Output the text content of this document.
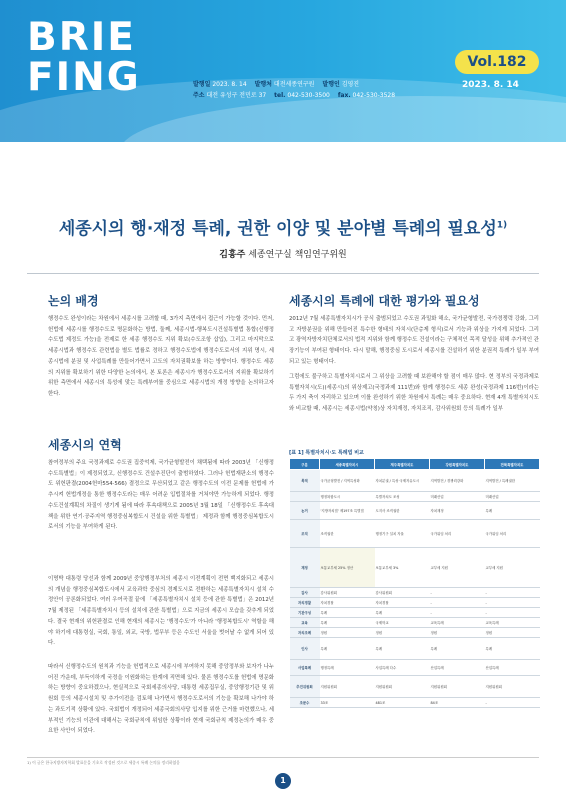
BRIE FING	발행일 2023. 8. 14 발행처 대전세종연구원 발행인 김영진
주소 대전 유성구 전민로 37 tel. 042-530-3500 fax. 042-530-3528
Vol.182
2023. 8. 14
세종시의 행·재정 특례, 권한 이양 및 분야별 특례의 필요성$^{1)}$
김흥주 세종연구실 책임연구위원
논의 배경
행정수도 완성이라는 차원에서 세종시를 고려할 때, 3가지 측면에서 접근이 가능할 것이다. 먼저, 헌법에 세종시를 행정수도로 명문화하는 방법, 둘째, 세종시법-행복도시건설특별법 통합(신행정수도법 제정도 가능)을 전제로 한 세종 행정수도 지위 확보(수도조항 삽입), 그리고 마지막으로 세종시법과 행정수도 관련법을 별도 법률로 정하고 행정수도법에 행정수도로서의 지위 명시, 세종시법에 분권 및 사업특례를 만들어가면서 고도의 자치권확보를 하는 방향이다. 행정수도 세종의 지위를 확보하기 위한 다양한 논의에서, 본 토론은 세종시가 행정수도로서의 지위를 확보하기 위한 측면에서 세종시의 특성에 맞는 특례부여를 중심으로 세종시법의 개정 방향을 논의하고자 한다.
세종시의 연혁
참여정부의 주요 국정과제로 수도권 집중억제, 국가균형발전이 채택됨에 따라 2003년 「신행정수도특별법」이 제정되었고, 신행정수도 건설추진단이 출범하였다. 그러나 헌법재판소의 행정수도 위헌판결(2004헌마554·566) 결정으로 무산되었고 같은 행정수도의 이전 문제를 헌법에 가추시켜 헌법개정을 통한 행정수도라는 매우 어려운 입법절차를 거쳐야만 가능하게 되었다. 행정수도건설계획의 차질이 생기게 됨에 따라 후속대책으로 2005년 3월 18일 「신행정수도 후속대책을 위한 연기·공주지역 행정중심복합도시 건설을 위한 특별법」 제정과 함께 행정중심복합도시로서의 기능을 부여하게 된다.
이명박 대통령 당선과 함께 2009년 중앙행정부처의 세종시 이전계획이 전면 백지화되고 세종시의 개념을 행정중심복합도시에서 교육과학 중심의 경제도시로 전환하는 세종특별자치시 설치 수정안이 공론화되었다. 여러 우여곡절 끝에 「세종특별자치시 설치 등에 관한 특별법」은 2012년 7월 제정된 「세종특별자치시 등의 설치에 관한 특별법」으로 지금의 세종시 모습을 갖추게 되었다. 결국 현재의 위헌판결로 인해 현재의 세종시는 '행정수도'가 아니라 '행정복합도시' 역할을 해야 하기에 대통령실, 국회, 통일, 외교, 국방, 법무부 등은 수도인 서울을 벗어날 수 없게 되어 있다.
따라서 신행정수도의 원칙과 기능을 헌법적으로 세종시에 부여하지 못해 중앙정부와 보자가 나누어진 가운데, 부득이하게 국정을 이원화하는 한계에 직면해 있다. 물론 행정수도를 헌법에 명문화하는 방향이 중요하겠으나, 현실적으로 국회세종의사당, 대통령 세종집무실, 중앙행정기관 및 위원회 등의 세종시설치 및 추가이전을 검토해 나가면서 행정수도로서의 기능을 확보해 나가야 하는 과도기적 상황에 있다. 국회법이 개정되어 세종국회의사당 입지를 위한 근거를 마련했으나, 세부적인 기능의 이관에 대해서는 국회규칙에 위임한 상황이라 현재 국회규칙 제정논의가 매우 중요한 사안이 되었다.
세종시의 특례에 대한 평가와 필요성
2012년 7월 세종특별자치시가 공식 출범되었고 수도권 과밀화 해소, 국가균형발전, 국가경쟁력 강화, 그리고 자방분권을 위해 만들어진 특수한 형태의 자치시(단층제 형식)로서 기능과 위상을 가지게 되었다. 그리고 광역자방자치단체로서의 법적 지위와 함께 행정수도 건설이라는 구체적인 목적 달성을 위해 추가적인 관장기능이 부여된 형태이다. 다시 말해, 행정중심 도시로서 세종시를 건설하기 위한 분권적 특례가 일부 부여되고 있는 형태이다.
그럼에도 불구하고 특별자치시로서 그 위상을 고려할 때 보완해야 할 점이 매우 많다. 현 정부의 국정과제로 특별자치시(도)(세종시)의 위상제고(국정과제 111번)와 함께 행정수도 세종 완성(국정과제 116번)이라는 두 가지 축이 자리하고 있으며 이를 완성하기 위한 차원에서 특례는 매우 중요하다. 현재 4개 특별자치시도와 비교할 때, 세종시는 세종시법(약칭)상 자치재정, 자치조직, 감사위원회 등의 특례가 일부
[표 1] 특별자치시·도 특례법 비교
구분	세종특별자치시	제주특별자치도	강원특별자치도	전북특별자치도
목적	국가균형발전 / 지역특성화	자치분권 / 특성·국제자유도시	지역발전 / 경쟁력강화	지역발전 / 특례권한
	행정복합도시	특별자치도 조성	미래산업	미래산업
논거	'지방자치법' 제197조 특별법	도지사 조직권한	자치재정	특례
조직	조직권한	행정기구 설치 자율	국가위임 처리	국가위임 처리
재정	보통교부세 25% 정산	보통교부세 3%	교부세 지원	교부세 지원
감사	감사위원회	감사위원회	-	-
자치경찰	자치경찰	자치경찰	-	-
기관구성	특례	특례	-	-
교육	특례	국제학교	교육특례	교육특례
자치조례	정원	정원	정원	정원
인사	특례	특례	특례	특례
사업특례	행정특례	사업특례 다수	산업특례	산업특례
추진위원회	지원위원회	지원위원회	지원위원회	지원위원회
조문수	33조	481조	84조	-
1) 이 글은 한국지방자치학회 발표문을 기초로 작성된 것으로 세종시 특례 논의를 정리하였음
1
